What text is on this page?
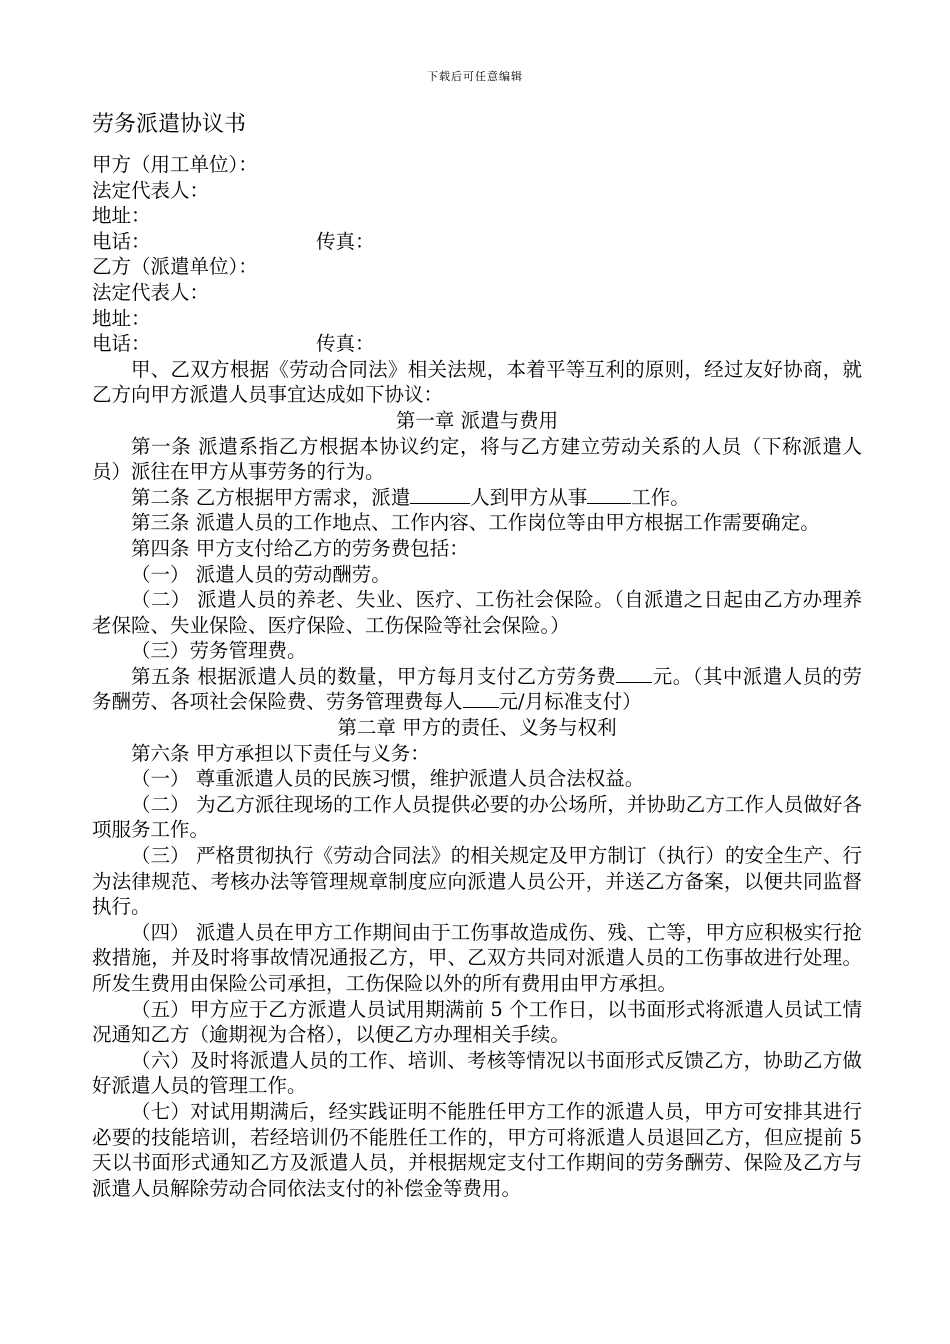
下载后可任意编辑
劳务派遣协议书
甲方（用工单位）：
法定代表人：
地址：
电话：	传真：
乙方（派遣单位）：
法定代表人：
地址：
电话：	传真：

甲、乙双方根据《劳动合同法》相关法规，本着平等互利的原则，经过友好协商，就乙方向甲方派遣人员事宜达成如下协议：

第一章 派遣与费用

第一条 派遣系指乙方根据本协议约定，将与乙方建立劳动关系的人员（下称派遣人员）派往在甲方从事劳务的行为。

第二条 乙方根据甲方需求，派遣	人到甲方从事 工作。

第三条 派遣人员的工作地点、工作内容、工作岗位等由甲方根据工作需要确定。

第四条 甲方支付给乙方的劳务费包括：

（一） 派遣人员的劳动酬劳。

（二） 派遣人员的养老、失业、医疗、工伤社会保险。（自派遣之日起由乙方办理养老保险、失业保险、医疗保险、工伤保险等社会保险。）

（三）劳务管理费。

第五条 根据派遣人员的数量，甲方每月支付乙方劳务费 元。（其中派遣人员的劳务酬劳、各项社会保险费、劳务管理费每人 元/月标准支付）

第二章 甲方的责任、义务与权利

第六条 甲方承担以下责任与义务：

（一） 尊重派遣人员的民族习惯，维护派遣人员合法权益。

（二） 为乙方派往现场的工作人员提供必要的办公场所，并协助乙方工作人员做好各项服务工作。

（三） 严格贯彻执行《劳动合同法》的相关规定及甲方制订（执行）的安全生产、行为法律规范、考核办法等管理规章制度应向派遣人员公开，并送乙方备案，以便共同监督执行。

（四） 派遣人员在甲方工作期间由于工伤事故造成伤、残、亡等，甲方应积极实行抢救措施，并及时将事故情况通报乙方，甲、乙双方共同对派遣人员的工伤事故进行处理。所发生费用由保险公司承担，工伤保险以外的所有费用由甲方承担。

（五）甲方应于乙方派遣人员试用期满前 5 个工作日，以书面形式将派遣人员试工情况通知乙方（逾期视为合格），以便乙方办理相关手续。

（六）及时将派遣人员的工作、培训、考核等情况以书面形式反馈乙方，协助乙方做好派遣人员的管理工作。

（七）对试用期满后，经实践证明不能胜任甲方工作的派遣人员，甲方可安排其进行必要的技能培训，若经培训仍不能胜任工作的，甲方可将派遣人员退回乙方，但应提前 5 天以书面形式通知乙方及派遣人员，并根据规定支付工作期间的劳务酬劳、保险及乙方与派遣人员解除劳动合同依法支付的补偿金等费用。
